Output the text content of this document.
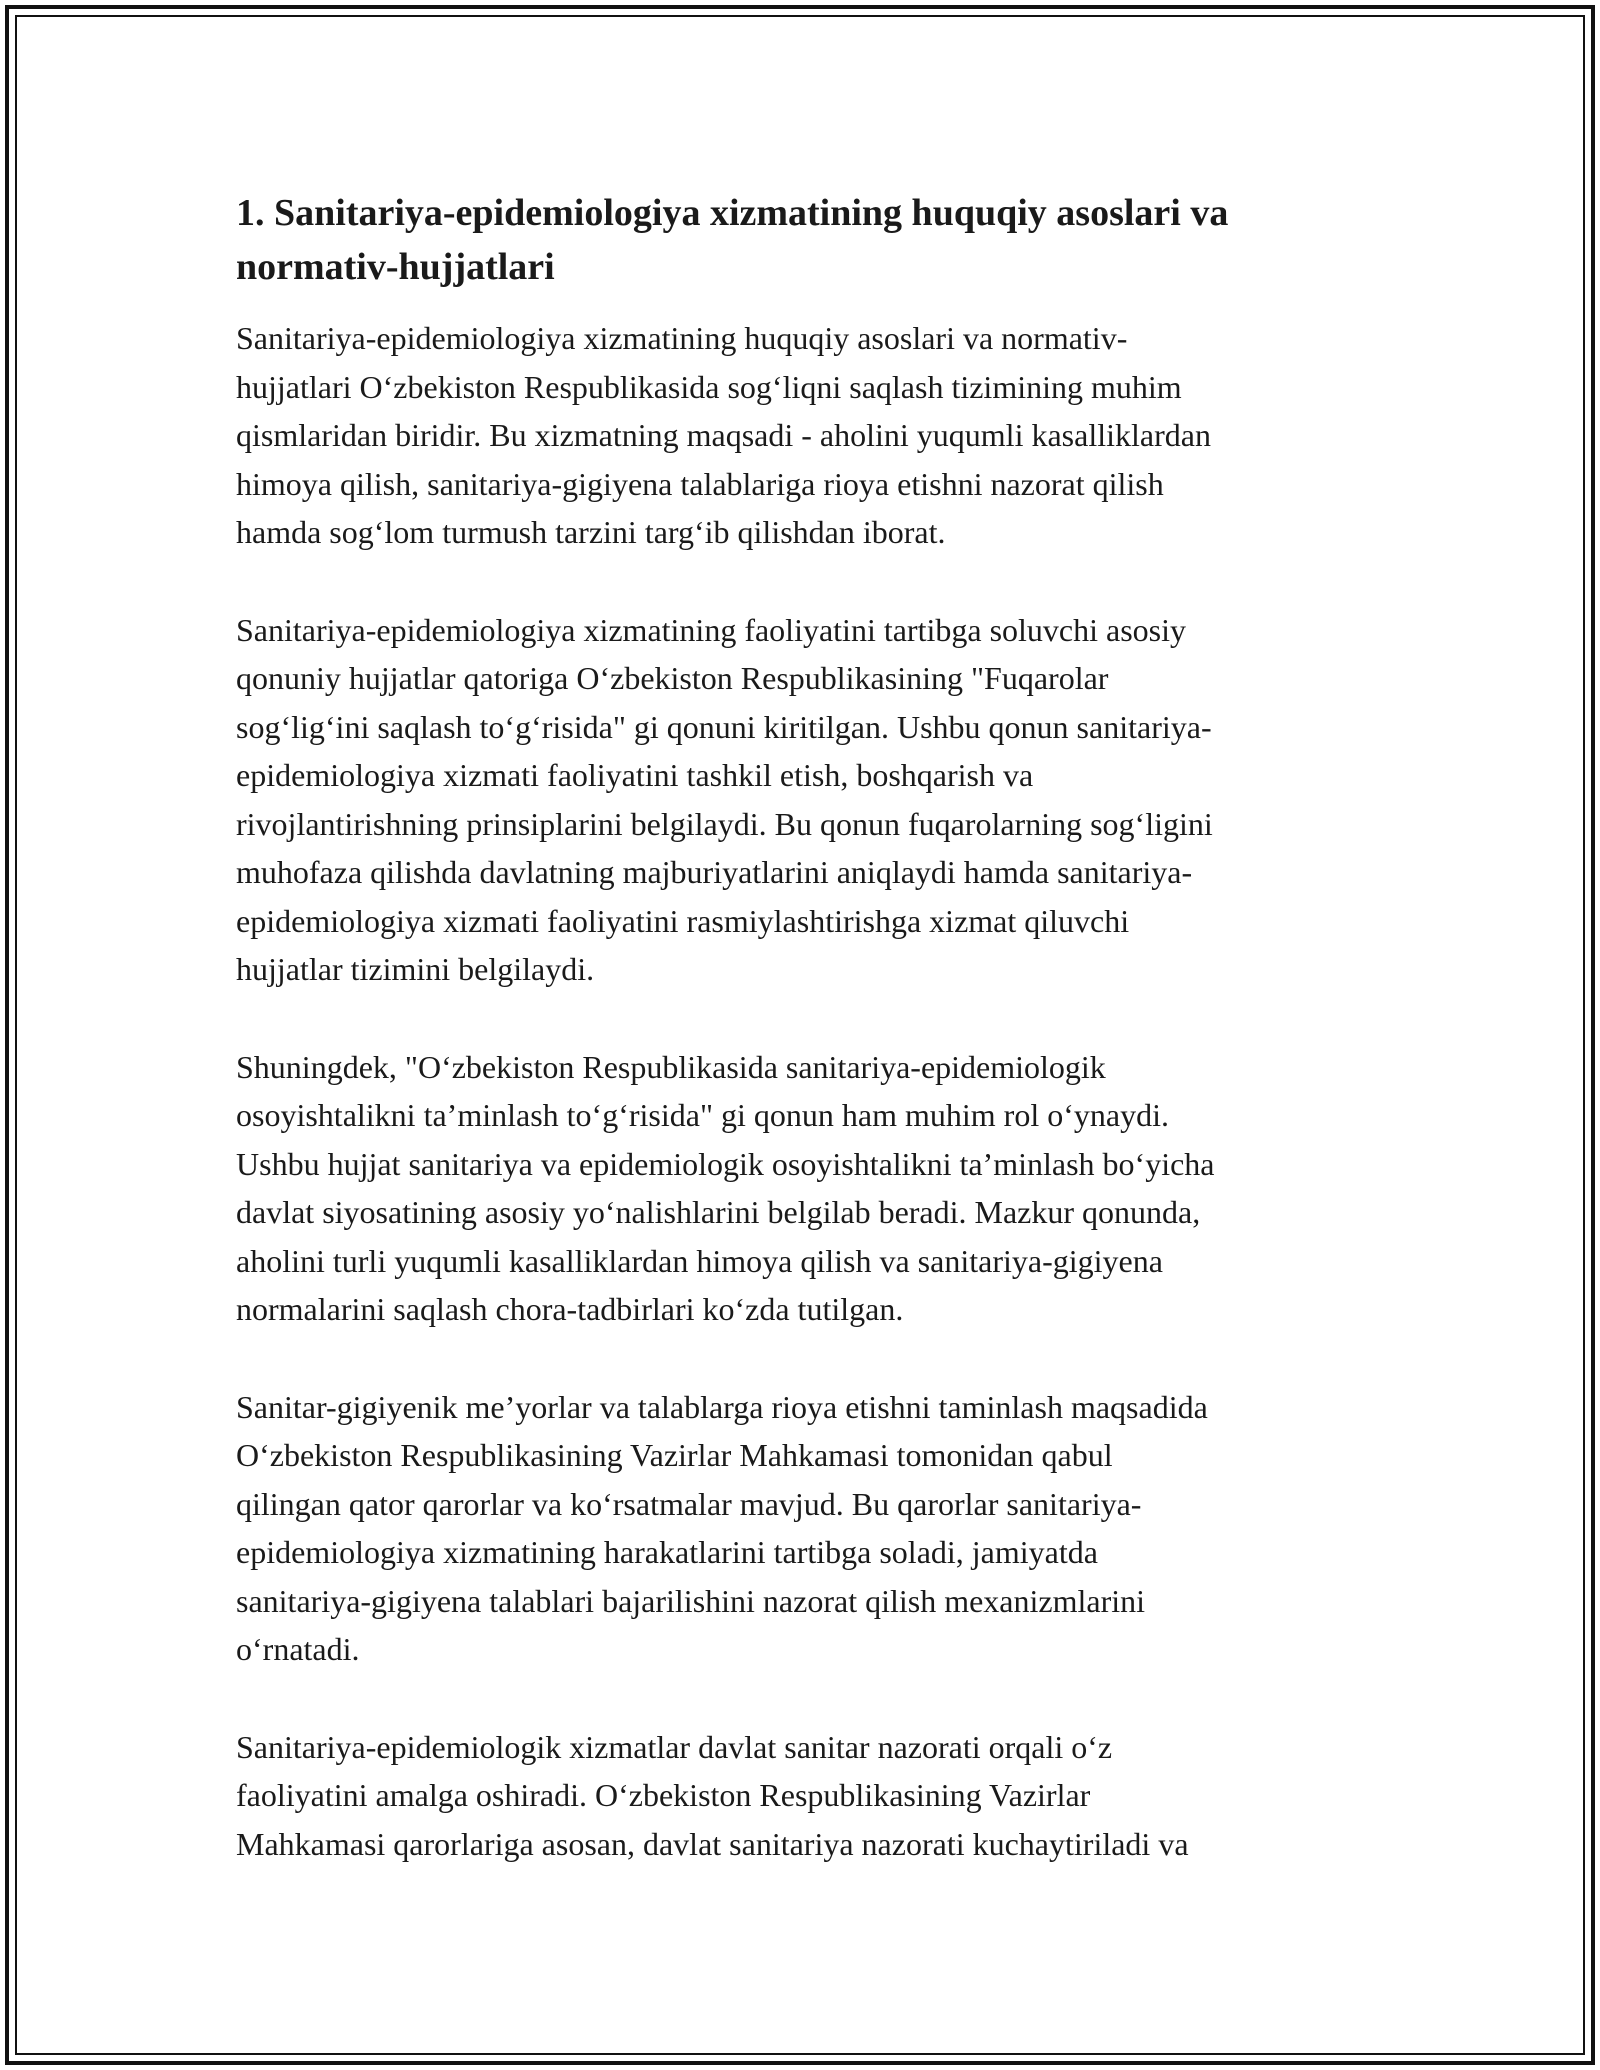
1. Sanitariya-epidemiologiya xizmatining huquqiy asoslari va
normativ-hujjatlari

Sanitariya-epidemiologiya xizmatining huquqiy asoslari va normativ-
hujjatlari O‘zbekiston Respublikasida sog‘liqni saqlash tizimining muhim
qismlaridan biridir. Bu xizmatning maqsadi - aholini yuqumli kasalliklardan
himoya qilish, sanitariya-gigiyena talablariga rioya etishni nazorat qilish
hamda sog‘lom turmush tarzini targ‘ib qilishdan iborat.

Sanitariya-epidemiologiya xizmatining faoliyatini tartibga soluvchi asosiy
qonuniy hujjatlar qatoriga O‘zbekiston Respublikasining "Fuqarolar
sog‘lig‘ini saqlash to‘g‘risida" gi qonuni kiritilgan. Ushbu qonun sanitariya-
epidemiologiya xizmati faoliyatini tashkil etish, boshqarish va
rivojlantirishning prinsiplarini belgilaydi. Bu qonun fuqarolarning sog‘ligini
muhofaza qilishda davlatning majburiyatlarini aniqlaydi hamda sanitariya-
epidemiologiya xizmati faoliyatini rasmiylashtirishga xizmat qiluvchi
hujjatlar tizimini belgilaydi.

Shuningdek, "O‘zbekiston Respublikasida sanitariya-epidemiologik
osoyishtalikni ta’minlash to‘g‘risida" gi qonun ham muhim rol o‘ynaydi.
Ushbu hujjat sanitariya va epidemiologik osoyishtalikni ta’minlash bo‘yicha
davlat siyosatining asosiy yo‘nalishlarini belgilab beradi. Mazkur qonunda,
aholini turli yuqumli kasalliklardan himoya qilish va sanitariya-gigiyena
normalarini saqlash chora-tadbirlari ko‘zda tutilgan.

Sanitar-gigiyenik me’yorlar va talablarga rioya etishni taminlash maqsadida
O‘zbekiston Respublikasining Vazirlar Mahkamasi tomonidan qabul
qilingan qator qarorlar va ko‘rsatmalar mavjud. Bu qarorlar sanitariya-
epidemiologiya xizmatining harakatlarini tartibga soladi, jamiyatda
sanitariya-gigiyena talablari bajarilishini nazorat qilish mexanizmlarini
o‘rnatadi.

Sanitariya-epidemiologik xizmatlar davlat sanitar nazorati orqali o‘z
faoliyatini amalga oshiradi. O‘zbekiston Respublikasining Vazirlar
Mahkamasi qarorlariga asosan, davlat sanitariya nazorati kuchaytiriladi va
